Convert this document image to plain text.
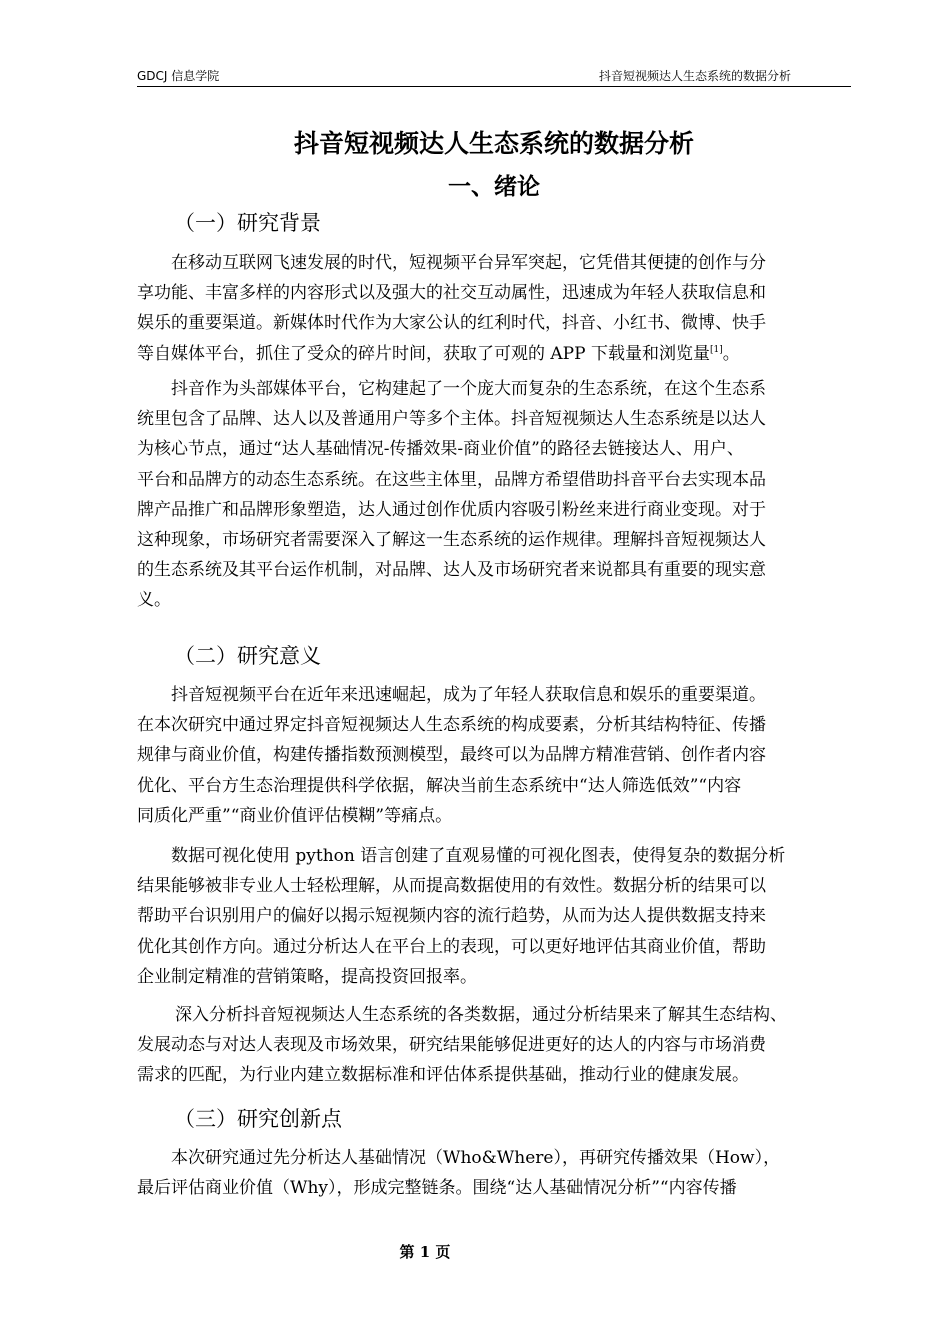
GDCJ 信息学院	抖音短视频达人生态系统的数据分析
抖音短视频达人生态系统的数据分析
一、绪论
（一）研究背景
在移动互联网飞速发展的时代，短视频平台异军突起，它凭借其便捷的创作与分
享功能、丰富多样的内容形式以及强大的社交互动属性，迅速成为年轻人获取信息和
娱乐的重要渠道。新媒体时代作为大家公认的红利时代，抖音、小红书、微博、快手
等自媒体平台，抓住了受众的碎片时间，获取了可观的 APP 下载量和浏览量[1]。
抖音作为头部媒体平台，它构建起了一个庞大而复杂的生态系统，在这个生态系
统里包含了品牌、达人以及普通用户等多个主体。抖音短视频达人生态系统是以达人
为核心节点，通过“达人基础情况-传播效果-商业价值”的路径去链接达人、用户、
平台和品牌方的动态生态系统。在这些主体里，品牌方希望借助抖音平台去实现本品
牌产品推广和品牌形象塑造，达人通过创作优质内容吸引粉丝来进行商业变现。对于
这种现象，市场研究者需要深入了解这一生态系统的运作规律。理解抖音短视频达人
的生态系统及其平台运作机制，对品牌、达人及市场研究者来说都具有重要的现实意
义。
（二）研究意义
抖音短视频平台在近年来迅速崛起，成为了年轻人获取信息和娱乐的重要渠道。
在本次研究中通过界定抖音短视频达人生态系统的构成要素，分析其结构特征、传播
规律与商业价值，构建传播指数预测模型，最终可以为品牌方精准营销、创作者内容
优化、平台方生态治理提供科学依据，解决当前生态系统中“达人筛选低效”“内容
同质化严重”“商业价值评估模糊”等痛点。
数据可视化使用 python 语言创建了直观易懂的可视化图表，使得复杂的数据分析
结果能够被非专业人士轻松理解，从而提高数据使用的有效性。数据分析的结果可以
帮助平台识别用户的偏好以揭示短视频内容的流行趋势，从而为达人提供数据支持来
优化其创作方向。通过分析达人在平台上的表现，可以更好地评估其商业价值，帮助
企业制定精准的营销策略，提高投资回报率。
深入分析抖音短视频达人生态系统的各类数据，通过分析结果来了解其生态结构、
发展动态与对达人表现及市场效果，研究结果能够促进更好的达人的内容与市场消费
需求的匹配，为行业内建立数据标准和评估体系提供基础，推动行业的健康发展。
（三）研究创新点
本次研究通过先分析达人基础情况（Who&Where），再研究传播效果（How），
最后评估商业价值（Why），形成完整链条。围绕“达人基础情况分析”“内容传播
第 1 页
